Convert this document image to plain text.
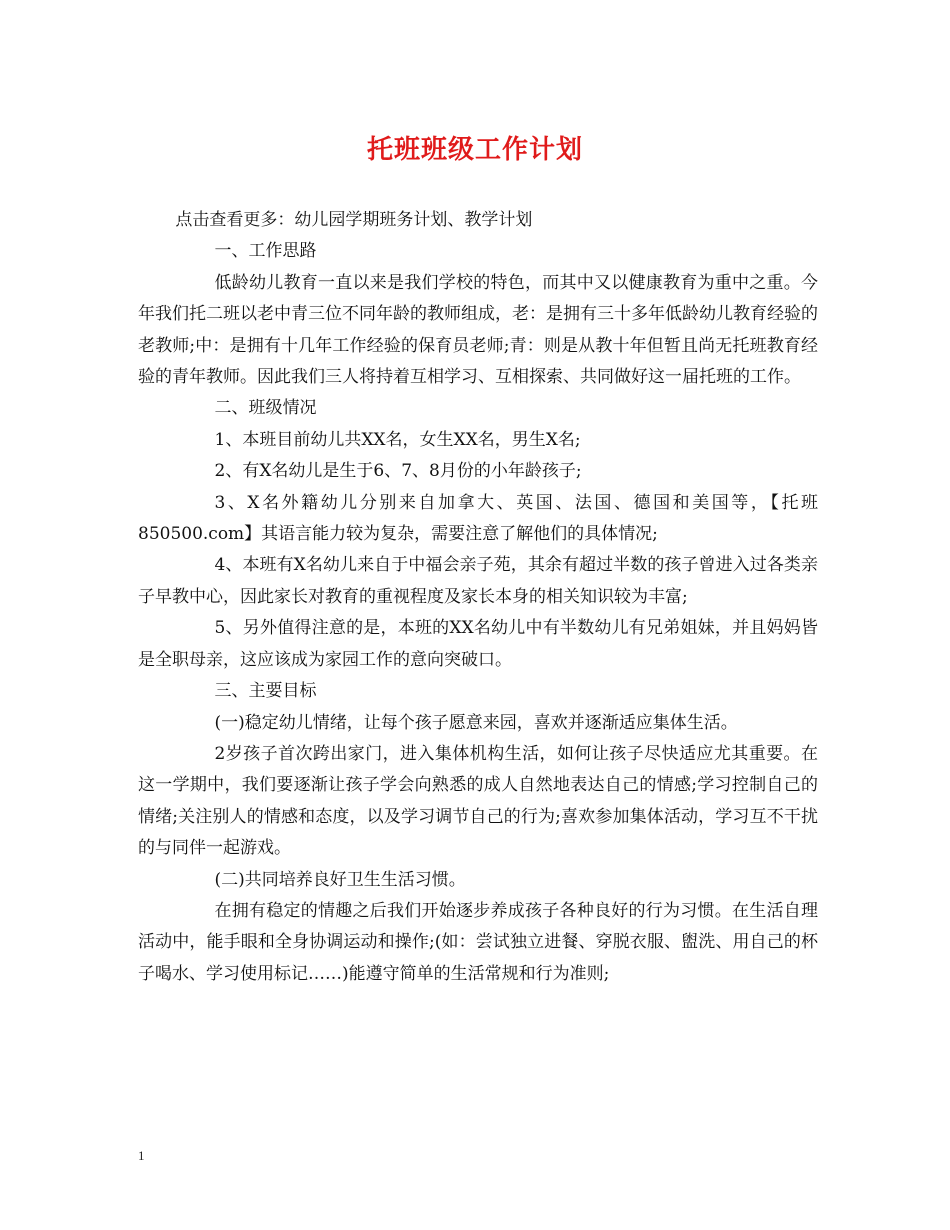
托班班级工作计划

点击查看更多：幼儿园学期班务计划、教学计划

一、工作思路

低龄幼儿教育一直以来是我们学校的特色，而其中又以健康教育为重中之重。今年我们托二班以老中青三位不同年龄的教师组成，老：是拥有三十多年低龄幼儿教育经验的老教师;中：是拥有十几年工作经验的保育员老师;青：则是从教十年但暂且尚无托班教育经验的青年教师。因此我们三人将持着互相学习、互相探索、共同做好这一届托班的工作。

二、班级情况

1、本班目前幼儿共XX名，女生XX名，男生X名;

2、有X名幼儿是生于6、7、8月份的小年龄孩子;

3、X名外籍幼儿分别来自加拿大、英国、法国、德国和美国等，【托班850500.com】其语言能力较为复杂，需要注意了解他们的具体情况;

4、本班有X名幼儿来自于中福会亲子苑，其余有超过半数的孩子曾进入过各类亲子早教中心，因此家长对教育的重视程度及家长本身的相关知识较为丰富;

5、另外值得注意的是，本班的XX名幼儿中有半数幼儿有兄弟姐妹，并且妈妈皆是全职母亲，这应该成为家园工作的意向突破口。

三、主要目标

(一)稳定幼儿情绪，让每个孩子愿意来园，喜欢并逐渐适应集体生活。

2岁孩子首次跨出家门，进入集体机构生活，如何让孩子尽快适应尤其重要。在这一学期中，我们要逐渐让孩子学会向熟悉的成人自然地表达自己的情感;学习控制自己的情绪;关注别人的情感和态度，以及学习调节自己的行为;喜欢参加集体活动，学习互不干扰的与同伴一起游戏。

(二)共同培养良好卫生生活习惯。

在拥有稳定的情趣之后我们开始逐步养成孩子各种良好的行为习惯。在生活自理活动中，能手眼和全身协调运动和操作;(如：尝试独立进餐、穿脱衣服、盥洗、用自己的杯子喝水、学习使用标记……)能遵守简单的生活常规和行为准则;

1
